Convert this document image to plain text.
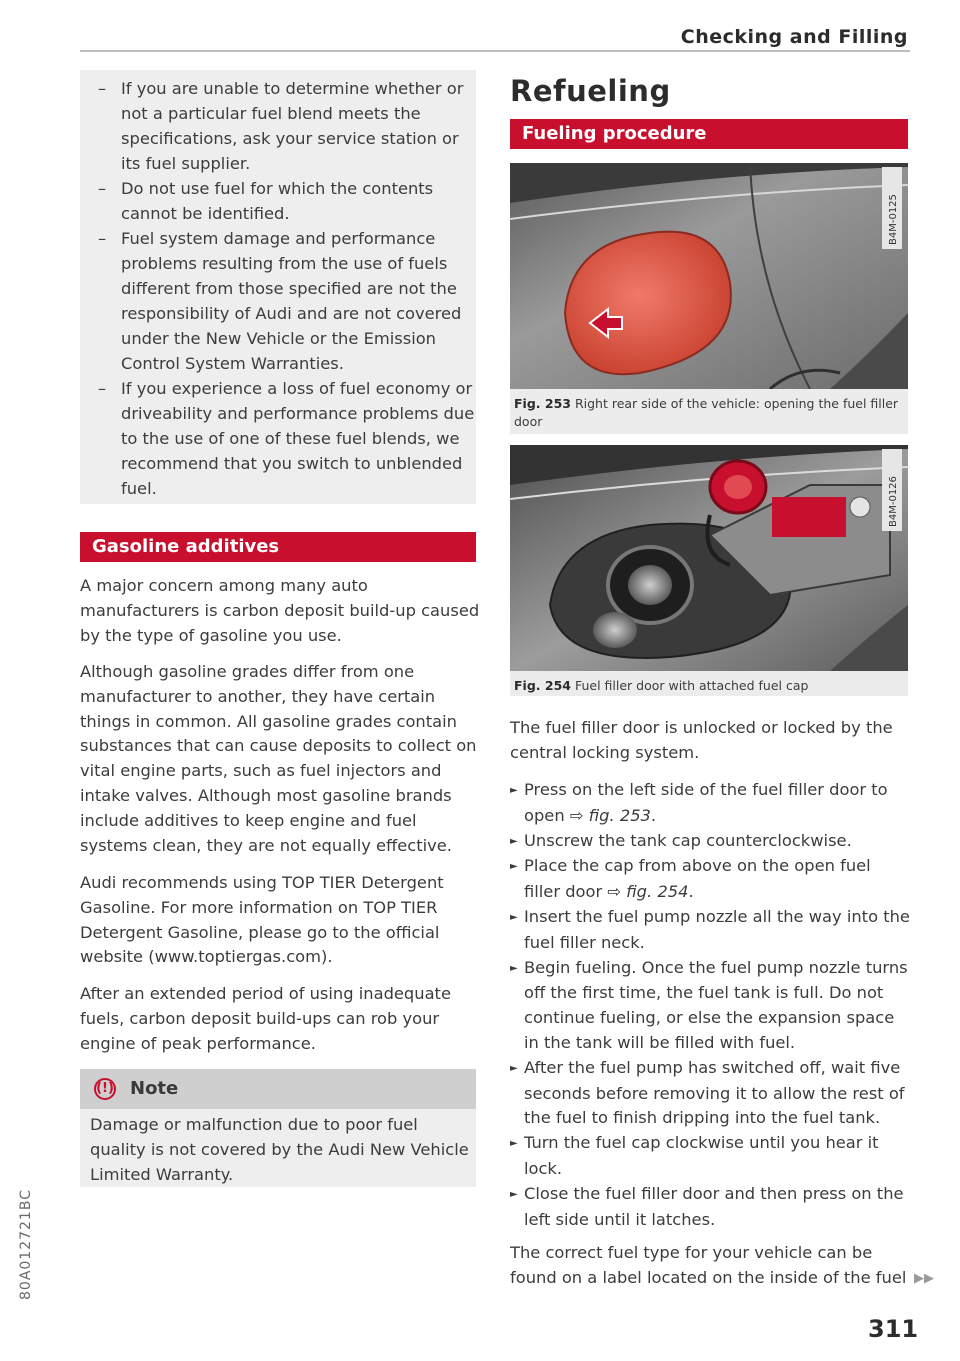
Checking and Filling
– If you are unable to determine whether or not a particular fuel blend meets the specifications, ask your service station or its fuel supplier.
– Do not use fuel for which the contents cannot be identified.
– Fuel system damage and performance problems resulting from the use of fuels different from those specified are not the responsibility of Audi and are not covered under the New Vehicle or the Emission Control System Warranties.
– If you experience a loss of fuel economy or driveability and performance problems due to the use of one of these fuel blends, we recommend that you switch to unblended fuel.
Gasoline additives
A major concern among many auto manufacturers is carbon deposit build-up caused by the type of gasoline you use.
Although gasoline grades differ from one manufacturer to another, they have certain things in common. All gasoline grades contain substances that can cause deposits to collect on vital engine parts, such as fuel injectors and intake valves. Although most gasoline brands include additives to keep engine and fuel systems clean, they are not equally effective.
Audi recommends using TOP TIER Detergent Gasoline. For more information on TOP TIER Detergent Gasoline, please go to the official website (www.toptiergas.com).
After an extended period of using inadequate fuels, carbon deposit build-ups can rob your engine of peak performance.
(!) Note
Damage or malfunction due to poor fuel quality is not covered by the Audi New Vehicle Limited Warranty.
Refueling
Fueling procedure
B4M-0125
Fig. 253 Right rear side of the vehicle: opening the fuel filler door
B4M-0126
Fig. 254 Fuel filler door with attached fuel cap
The fuel filler door is unlocked or locked by the central locking system.
► Press on the left side of the fuel filler door to open ⇨ fig. 253.
► Unscrew the tank cap counterclockwise.
► Place the cap from above on the open fuel filler door ⇨ fig. 254.
► Insert the fuel pump nozzle all the way into the fuel filler neck.
► Begin fueling. Once the fuel pump nozzle turns off the first time, the fuel tank is full. Do not continue fueling, or else the expansion space in the tank will be filled with fuel.
► After the fuel pump has switched off, wait five seconds before removing it to allow the rest of the fuel to finish dripping into the fuel tank.
► Turn the fuel cap clockwise until you hear it lock.
► Close the fuel filler door and then press on the left side until it latches.
The correct fuel type for your vehicle can be found on a label located on the inside of the fuel ▶▶
311
80A012721BC
